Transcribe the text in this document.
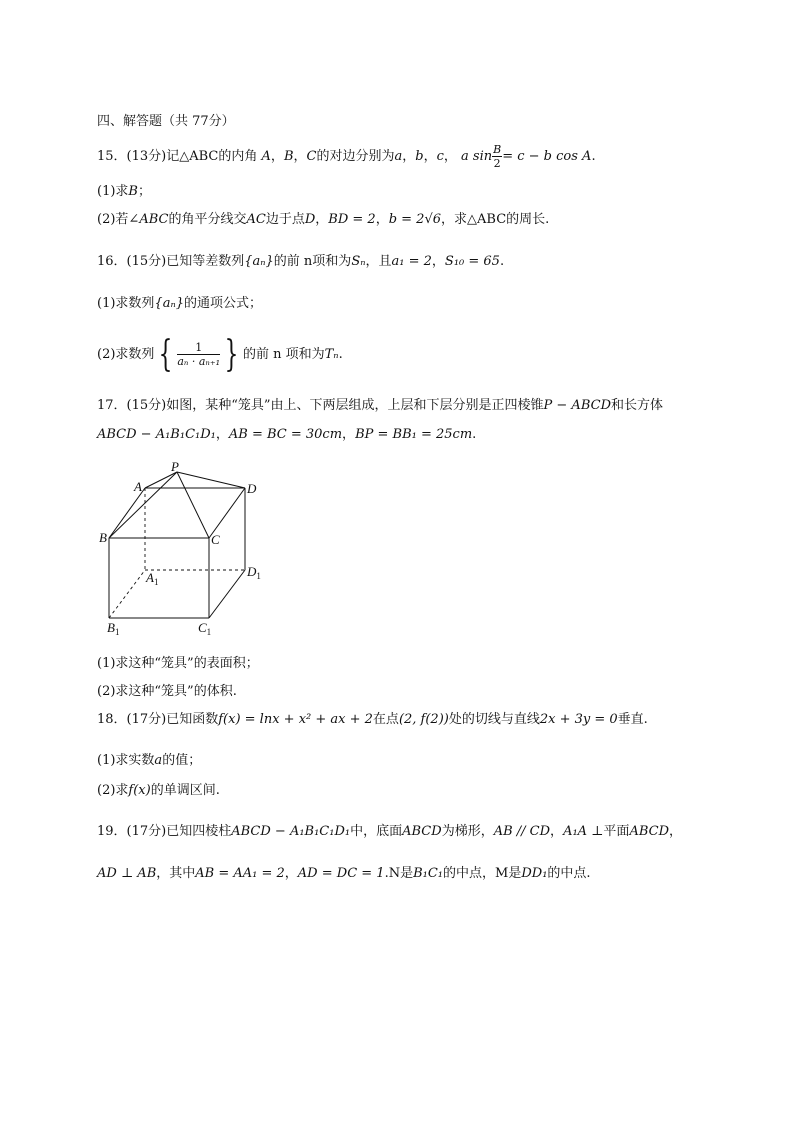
四、解答题（共 77分）
15．(13分)记△ABC的内角 A，B，C的对边分别为a，b，c， a $\sin \frac{B}{2} = c - b$ cos A.
(1)求B；
(2)若∠ABC的角平分线交AC边于点D，BD = 2，b = 2√6，求△ABC的周长.
16．(15分)已知等差数列{aₙ}的前 n项和为Sₙ，且a₁ = 2，S₁₀ = 65.
(1)求数列{aₙ}的通项公式；
(2)求数列 { $\frac{1}{\text{aₙ · aₙ₊₁}}$ } 的前 n 项和为Tₙ.
17．(15分)如图，某种“笼具”由上、下两层组成，上层和下层分别是正四棱锥P − ABCD和长方体
ABCD − A₁B₁C₁D₁，AB = BC = 30cm，BP = BB₁ = 25cm.
P
A	D
B	C
$A_1$
$D_1$
$B_1$	$C_1$
(1)求这种“笼具”的表面积；
(2)求这种“笼具”的体积.
18．(17分)已知函数f(x) = lnx + x² + ax + 2在点(2, f(2))处的切线与直线2x + 3y = 0垂直.
(1)求实数a的值；
(2)求f(x)的单调区间.
19．(17分)已知四棱柱ABCD − A₁B₁C₁D₁中，底面ABCD为梯形，AB // CD，A₁A ⊥平面ABCD，
AD ⊥ AB，其中AB = AA₁ = 2，AD = DC = 1.N是B₁C₁的中点，M是DD₁的中点.
